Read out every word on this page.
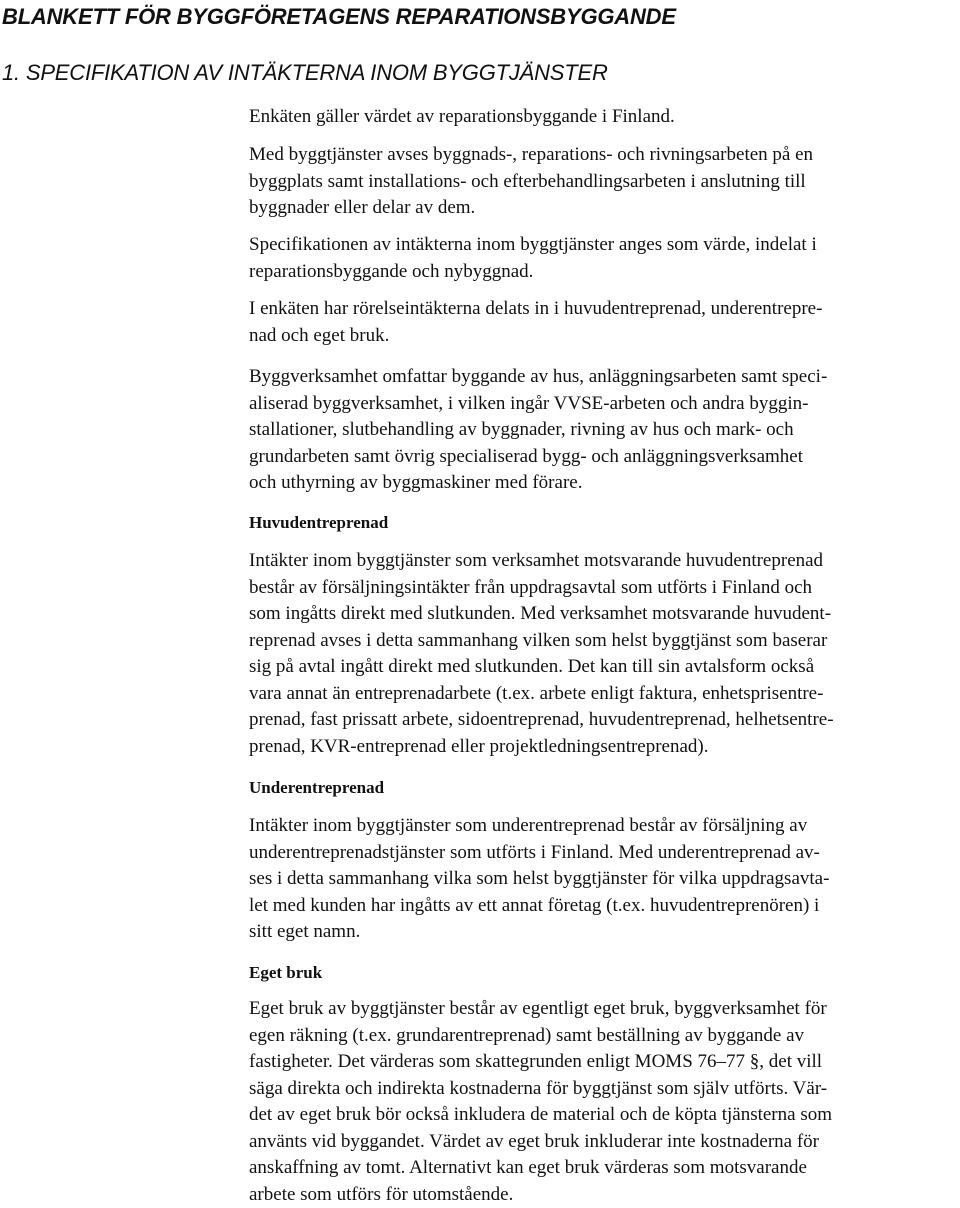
BLANKETT FÖR BYGGFÖRETAGENS REPARATIONSBYGGANDE
1. SPECIFIKATION AV INTÄKTERNA INOM BYGGTJÄNSTER

Enkäten gäller värdet av reparationsbyggande i Finland.

Med byggtjänster avses byggnads-, reparations- och rivningsarbeten på en
byggplats samt installations- och efterbehandlingsarbeten i anslutning till
byggnader eller delar av dem.

Specifikationen av intäkterna inom byggtjänster anges som värde, indelat i
reparationsbyggande och nybyggnad.

I enkäten har rörelseintäkterna delats in i huvudentreprenad, underentrepre-
nad och eget bruk.

Byggverksamhet omfattar byggande av hus, anläggningsarbeten samt speci-
aliserad byggverksamhet, i vilken ingår VVSE-arbeten och andra byggin-
stallationer, slutbehandling av byggnader, rivning av hus och mark- och
grundarbeten samt övrig specialiserad bygg- och anläggningsverksamhet
och uthyrning av byggmaskiner med förare.

Huvudentreprenad

Intäkter inom byggtjänster som verksamhet motsvarande huvudentreprenad
består av försäljningsintäkter från uppdragsavtal som utförts i Finland och
som ingåtts direkt med slutkunden. Med verksamhet motsvarande huvudent-
reprenad avses i detta sammanhang vilken som helst byggtjänst som baserar
sig på avtal ingått direkt med slutkunden. Det kan till sin avtalsform också
vara annat än entreprenadarbete (t.ex. arbete enligt faktura, enhetsprisentre-
prenad, fast prissatt arbete, sidoentreprenad, huvudentreprenad, helhetsentre-
prenad, KVR-entreprenad eller projektledningsentreprenad).

Underentreprenad

Intäkter inom byggtjänster som underentreprenad består av försäljning av
underentreprenadstjänster som utförts i Finland. Med underentreprenad av-
ses i detta sammanhang vilka som helst byggtjänster för vilka uppdragsavta-
let med kunden har ingåtts av ett annat företag (t.ex. huvudentreprenören) i
sitt eget namn.

Eget bruk

Eget bruk av byggtjänster består av egentligt eget bruk, byggverksamhet för
egen räkning (t.ex. grundarentreprenad) samt beställning av byggande av
fastigheter. Det värderas som skattegrunden enligt MOMS 76–77 §, det vill
säga direkta och indirekta kostnaderna för byggtjänst som själv utförts. Vär-
det av eget bruk bör också inkludera de material och de köpta tjänsterna som
använts vid byggandet. Värdet av eget bruk inkluderar inte kostnaderna för
anskaffning av tomt. Alternativt kan eget bruk värderas som motsvarande
arbete som utförs för utomstående.
